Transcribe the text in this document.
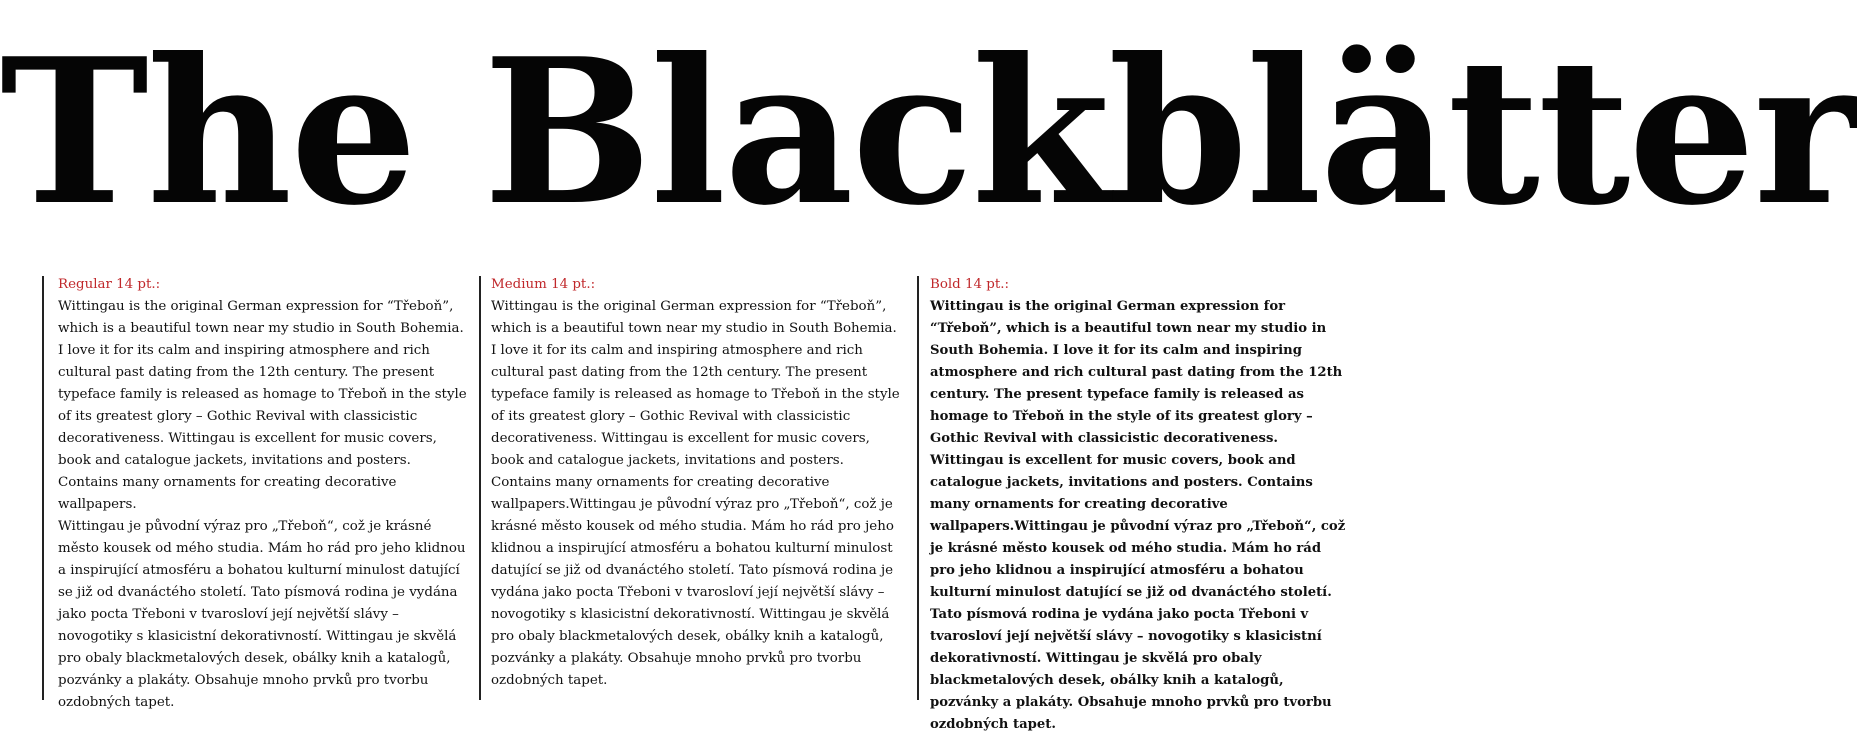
The Blackblätter
Regular 14 pt.:

Wittingau is the original German expression for “Třeboň”, which is a beautiful town near my studio in South Bohemia. I love it for its calm and inspiring atmosphere and rich cultural past dating from the 12th century. The present typeface family is released as homage to Třeboň in the style of its greatest glory – Gothic Revival with classicistic decorativeness. Wittingau is excellent for music covers, book and catalogue jackets, invitations and posters. Contains many ornaments for creating decorative wallpapers.

Wittingau je původní výraz pro „Třeboň“, což je krásné město kousek od mého studia. Mám ho rád pro jeho klidnou a inspirující atmosféru a bohatou kulturní minulost datující se již od dvanáctého století. Tato písmová rodina je vydána jako pocta Třeboni v tvarosloví její největší slávy – novogotiky s klasicistní dekorativností. Wittingau je skvělá pro obaly blackmetalových desek, obálky knih a katalogů, pozvánky a plakáty. Obsahuje mnoho prvků pro tvorbu ozdobných tapet.

Medium 14 pt.:

Wittingau is the original German expression for “Třeboň”, which is a beautiful town near my studio in South Bohemia. I love it for its calm and inspiring atmosphere and rich cultural past dating from the 12th century. The present typeface family is released as homage to Třeboň in the style of its greatest glory – Gothic Revival with classicistic decorativeness. Wittingau is excellent for music covers, book and catalogue jackets, invitations and posters. Contains many ornaments for creating decorative wallpapers.Wittingau je původní výraz pro „Třeboň“, což je krásné město kousek od mého studia. Mám ho rád pro jeho klidnou a inspirující atmosféru a bohatou kulturní minulost datující se již od dvanáctého století. Tato písmová rodina je vydána jako pocta Třeboni v tvarosloví její největší slávy – novogotiky s klasicistní dekorativností. Wittingau je skvělá pro obaly blackmetalových desek, obálky knih a katalogů, pozvánky a plakáty. Obsahuje mnoho prvků pro tvorbu ozdobných tapet.

Bold 14 pt.:

Wittingau is the original German expression for “Třeboň”, which is a beautiful town near my studio in South Bohemia. I love it for its calm and inspiring atmosphere and rich cultural past dating from the 12th century. The present typeface family is released as homage to Třeboň in the style of its greatest glory – Gothic Revival with classicistic decorativeness. Wittingau is excellent for music covers, book and catalogue jackets, invitations and posters. Contains many ornaments for creating decorative wallpapers.Wittingau je původní výraz pro „Třeboň“, což je krásné město kousek od mého studia. Mám ho rád pro jeho klidnou a inspirující atmosféru a bohatou kulturní minulost datující se již od dvanáctého století. Tato písmová rodina je vydána jako pocta Třeboni v tvarosloví její největší slávy – novogotiky s klasicistní dekorativností. Wittingau je skvělá pro obaly blackmetalových desek, obálky knih a katalogů, pozvánky a plakáty. Obsahuje mnoho prvků pro tvorbu ozdobných tapet.
